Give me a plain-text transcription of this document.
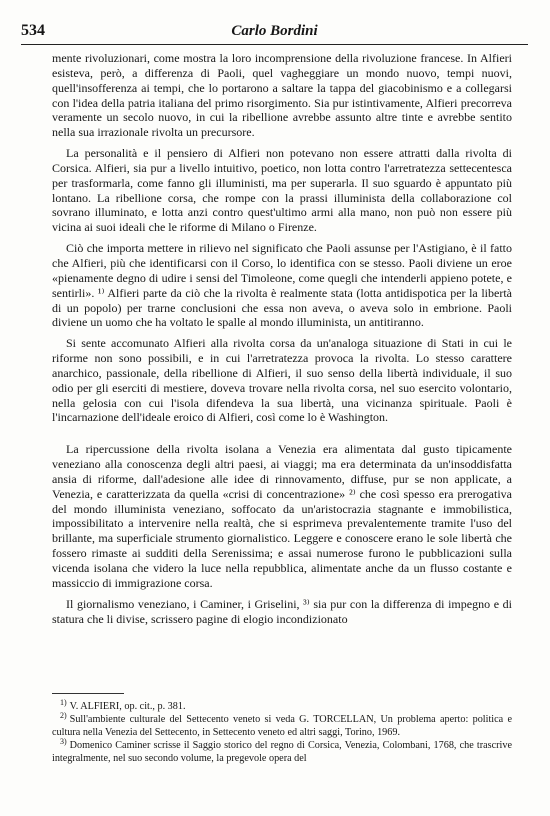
534	Carlo Bordini

mente rivoluzionari, come mostra la loro incomprensione della rivoluzione francese. In Alfieri esisteva, però, a differenza di Paoli, quel vagheggiare un mondo nuovo, tempi nuovi, quell'insofferenza ai tempi, che lo portarono a saltare la tappa del giacobinismo e a collegarsi con l'idea della patria italiana del primo risorgimento. Sia pur istintivamente, Alfieri precorreva veramente un secolo nuovo, in cui la ribellione avrebbe assunto altre tinte e avrebbe sentito nella sua irrazionale rivolta un precursore.

La personalità e il pensiero di Alfieri non potevano non essere attratti dalla rivolta di Corsica. Alfieri, sia pur a livello intuitivo, poetico, non lotta contro l'arretratezza settecentesca per trasformarla, come fanno gli illuministi, ma per superarla. Il suo sguardo è appuntato più lontano. La ribellione corsa, che rompe con la prassi illuminista della collaborazione col sovrano illuminato, e lotta anzi contro quest'ultimo armi alla mano, non può non essere più vicina ai suoi ideali che le riforme di Milano o Firenze.

Ciò che importa mettere in rilievo nel significato che Paoli assunse per l'Astigiano, è il fatto che Alfieri, più che identificarsi con il Corso, lo identifica con se stesso. Paoli diviene un eroe «pienamente degno di udire i sensi del Timoleone, come quegli che intenderli appieno potete, e sentirli». ¹⁾ Alfieri parte da ciò che la rivolta è realmente stata (lotta antidispotica per la libertà di un popolo) per trarne conclusioni che essa non aveva, o aveva solo in embrione. Paoli diviene un uomo che ha voltato le spalle al mondo illuminista, un antitiranno.

Si sente accomunato Alfieri alla rivolta corsa da un'analoga situazione di Stati in cui le riforme non sono possibili, e in cui l'arretratezza provoca la rivolta. Lo stesso carattere anarchico, passionale, della ribellione di Alfieri, il suo senso della libertà individuale, il suo odio per gli eserciti di mestiere, doveva trovare nella rivolta corsa, nel suo esercito volontario, nella gelosia con cui l'isola difendeva la sua libertà, una vicinanza spirituale. Paoli è l'incarnazione dell'ideale eroico di Alfieri, così come lo è Washington.

La ripercussione della rivolta isolana a Venezia era alimentata dal gusto tipicamente veneziano alla conoscenza degli altri paesi, ai viaggi; ma era determinata da un'insoddisfatta ansia di riforme, dall'adesione alle idee di rinnovamento, diffuse, pur se non applicate, a Venezia, e caratterizzata da quella «crisi di concentrazione» ²⁾ che così spesso era prerogativa del mondo illuminista veneziano, soffocato da un'aristocrazia stagnante e immobilistica, impossibilitato a intervenire nella realtà, che si esprimeva prevalentemente tramite l'uso del brillante, ma superficiale strumento giornalistico. Leggere e conoscere erano le sole libertà che fossero rimaste ai sudditi della Serenissima; e assai numerose furono le pubblicazioni sulla vicenda isolana che videro la luce nella repubblica, alimentate anche da un flusso costante e massiccio di immigrazione corsa.

Il giornalismo veneziano, i Caminer, i Griselini, ³⁾ sia pur con la differenza di impegno e di statura che li divise, scrissero pagine di elogio incondizionato

$^{1)}$ V. ALFIERI, op. cit., p. 381.

$^{2)}$ Sull'ambiente culturale del Settecento veneto si veda G. TORCELLAN, Un problema aperto: politica e cultura nella Venezia del Settecento, in Settecento veneto ed altri saggi, Torino, 1969.

$^{3)}$ Domenico Caminer scrisse il Saggio storico del regno di Corsica, Venezia, Colombani, 1768, che trascrive integralmente, nel suo secondo volume, la pregevole opera del
